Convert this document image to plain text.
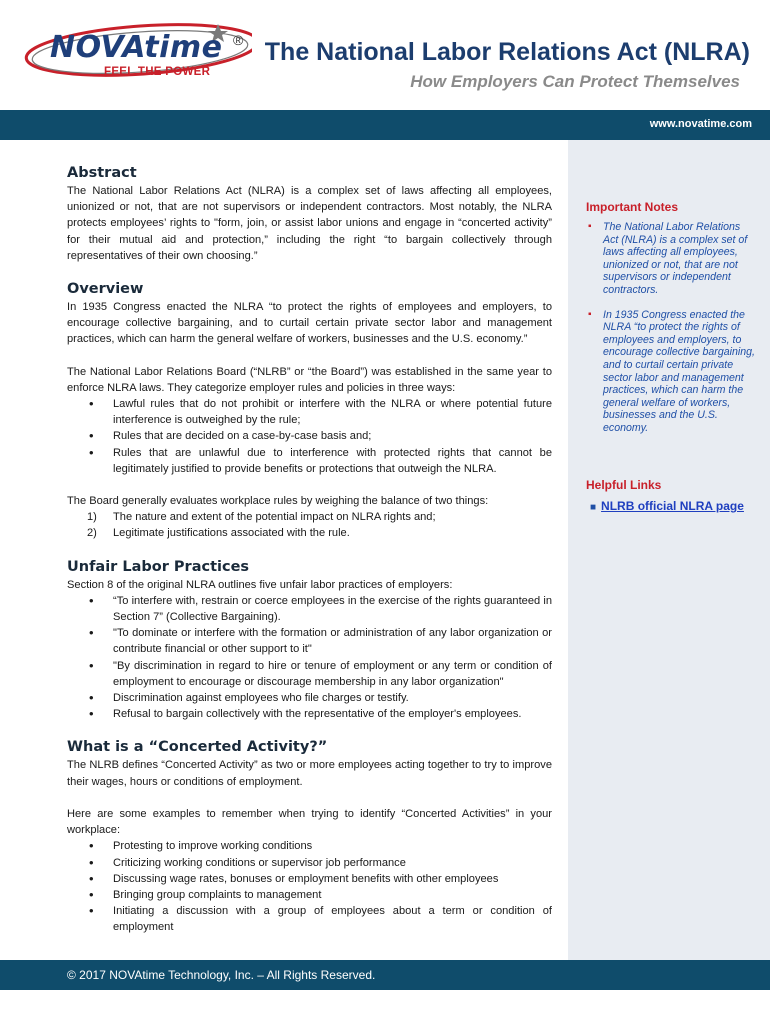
NOVAtime ®
FEEL THE POWER
The National Labor Relations Act (NLRA)
How Employers Can Protect Themselves
www.novatime.com
Important Notes
▪ The National Labor Relations Act (NLRA) is a complex set of laws affecting all employees, unionized or not, that are not supervisors or independent contractors.
▪ In 1935 Congress enacted the NLRA “to protect the rights of employees and employers, to encourage collective bargaining, and to curtail certain private sector labor and management practices, which can harm the general welfare of workers, businesses and the U.S. economy.
Helpful Links
■ NLRB official NLRA page
Abstract

The National Labor Relations Act (NLRA) is a complex set of laws affecting all employees, unionized or not, that are not supervisors or independent contractors. Most notably, the NLRA protects employees’ rights to "form, join, or assist labor unions and engage in “concerted activity” for their mutual aid and protection,” including the right “to bargain collectively through representatives of their own choosing.”

Overview

In 1935 Congress enacted the NLRA “to protect the rights of employees and employers, to encourage collective bargaining, and to curtail certain private sector labor and management practices, which can harm the general welfare of workers, businesses and the U.S. economy.”

The National Labor Relations Board (“NLRB” or “the Board”) was established in the same year to enforce NLRA laws. They categorize employer rules and policies in three ways:

• Lawful rules that do not prohibit or interfere with the NLRA or where potential future interference is outweighed by the rule;
• Rules that are decided on a case-by-case basis and;
• Rules that are unlawful due to interference with protected rights that cannot be legitimately justified to provide benefits or protections that outweigh the NLRA.

The Board generally evaluates workplace rules by weighing the balance of two things:

1) The nature and extent of the potential impact on NLRA rights and;
2) Legitimate justifications associated with the rule.
Unfair Labor Practices

Section 8 of the original NLRA outlines five unfair labor practices of employers:

• “To interfere with, restrain or coerce employees in the exercise of the rights guaranteed in Section 7” (Collective Bargaining).
• "To dominate or interfere with the formation or administration of any labor organization or contribute financial or other support to it"
• "By discrimination in regard to hire or tenure of employment or any term or condition of employment to encourage or discourage membership in any labor organization"
• Discrimination against employees who file charges or testify.
• Refusal to bargain collectively with the representative of the employer's employees.
What is a “Concerted Activity?”

The NLRB defines “Concerted Activity” as two or more employees acting together to try to improve their wages, hours or conditions of employment.

Here are some examples to remember when trying to identify “Concerted Activities” in your workplace:

• Protesting to improve working conditions
• Criticizing working conditions or supervisor job performance
• Discussing wage rates, bonuses or employment benefits with other employees
• Bringing group complaints to management
• Initiating a discussion with a group of employees about a term or condition of employment
© 2017 NOVAtime Technology, Inc. – All Rights Reserved.
